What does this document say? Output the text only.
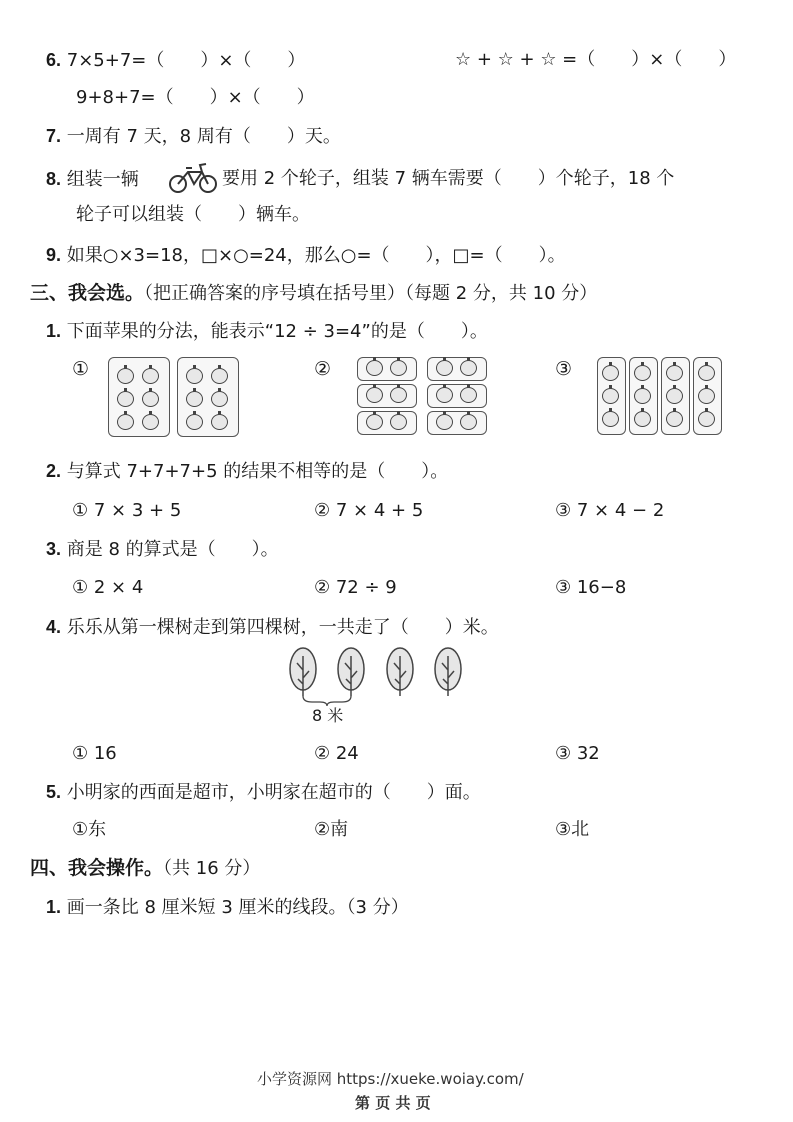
6. 7×5+7=（　　）×（　　）	☆ + ☆ + ☆ =（　　）×（　　）
9+8+7=（　　）×（　　）
7. 一周有 7 天，8 周有（　　）天。
8. 组装一辆	要用 2 个轮子，组装 7 辆车需要（　　）个轮子，18 个
轮子可以组装（　　）辆车。
9. 如果○×3=18，□×○=24，那么○=（　　），□=（　　）。
三、我会选。（把正确答案的序号填在括号里）（每题 2 分，共 10 分）
1. 下面苹果的分法，能表示“12 ÷ 3=4”的是（　　）。
①	②	③
2. 与算式 7+7+7+5 的结果不相等的是（　　）。
① 7 × 3 + 5	② 7 × 4 + 5	③ 7 × 4 − 2
3. 商是 8 的算式是（　　）。
① 2 × 4	② 72 ÷ 9	③ 16−8
4. 乐乐从第一棵树走到第四棵树，一共走了（　　）米。
8 米
① 16	② 24	③ 32
5. 小明家的西面是超市，小明家在超市的（　　）面。
①东	②南	③北
四、我会操作。（共 16 分）
1. 画一条比 8 厘米短 3 厘米的线段。（3 分）
小学资源网 https://xueke.woiay.com/
第 页 共 页
